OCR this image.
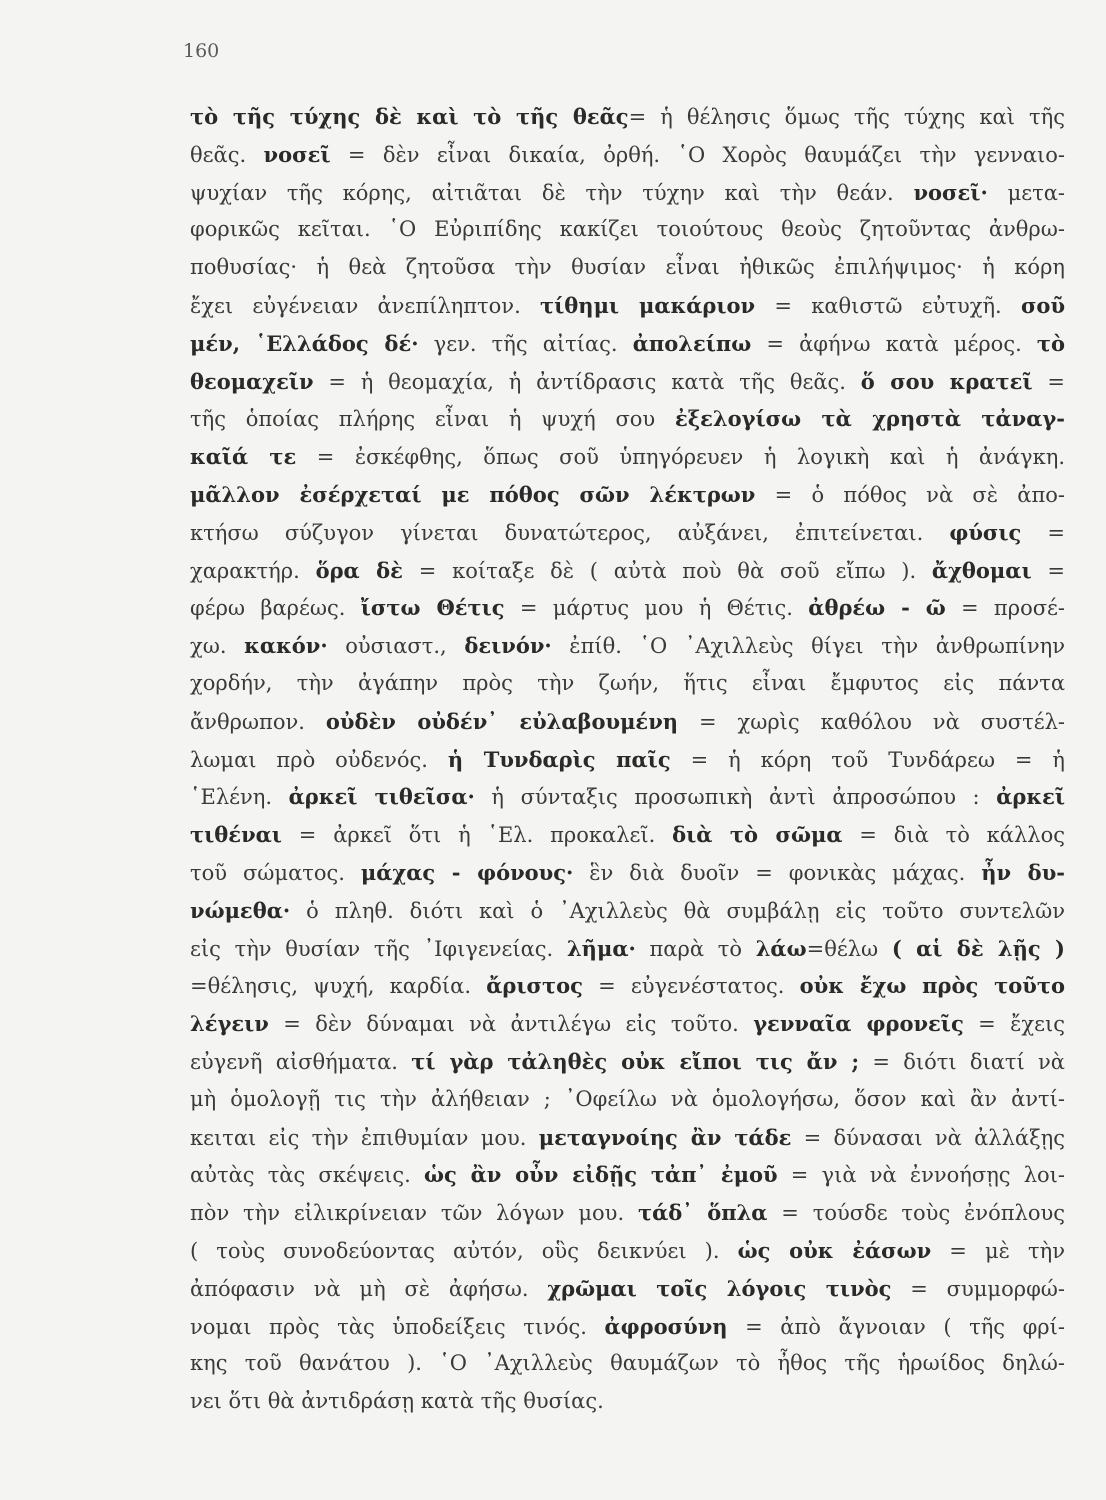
160
τὸ τῆς τύχης δὲ καὶ τὸ τῆς θεᾶς= ἡ θέλησις ὅμως τῆς τύχης καὶ τῆς
θεᾶς. νοσεῖ = δὲν εἶναι δικαία, ὀρθή. ῾Ο Χορὸς θαυμάζει τὴν γενναιο-
ψυχίαν τῆς κόρης, αἰτιᾶται δὲ τὴν τύχην καὶ τὴν θεάν. νοσεῖ· μετα-
φορικῶς κεῖται. ῾Ο Εὐριπίδης κακίζει τοιούτους θεοὺς ζητοῦντας ἀνθρω-
ποθυσίας· ἡ θεὰ ζητοῦσα τὴν θυσίαν εἶναι ἠθικῶς ἐπιλήψιμος· ἡ κόρη
ἔχει εὐγένειαν ἀνεπίληπτον. τίθημι μακάριον = καθιστῶ εὐτυχῆ. σοῦ
μέν, ῾Ελλάδος δέ· γεν. τῆς αἰτίας. ἀπολείπω = ἀφήνω κατὰ μέρος. τὸ
θεομαχεῖν = ἡ θεομαχία, ἡ ἀντίδρασις κατὰ τῆς θεᾶς. ὅ σου κρατεῖ =
τῆς ὁποίας πλήρης εἶναι ἡ ψυχή σου ἐξελογίσω τὰ χρηστὰ τἀναγ-
καῖά τε = ἐσκέφθης, ὅπως σοῦ ὑπηγόρευεν ἡ λογικὴ καὶ ἡ ἀνάγκη.
μᾶλλον ἐσέρχεταί με πόθος σῶν λέκτρων = ὁ πόθος νὰ σὲ ἀπο-
κτήσω σύζυγον γίνεται δυνατώτερος, αὐξάνει, ἐπιτείνεται. φύσις =
χαρακτήρ. ὅρα δὲ = κοίταξε δὲ ( αὐτὰ ποὺ θὰ σοῦ εἴπω ). ἄχθομαι =
φέρω βαρέως. ἴστω Θέτις = μάρτυς μου ἡ Θέτις. ἀθρέω - ῶ = προσέ-
χω. κακόν· οὐσιαστ., δεινόν· ἐπίθ. ῾Ο ᾿Αχιλλεὺς θίγει τὴν ἀνθρωπίνην
χορδήν, τὴν ἀγάπην πρὸς τὴν ζωήν, ἥτις εἶναι ἔμφυτος εἰς πάντα
ἄνθρωπον. οὐδὲν οὐδέν᾿ εὐλαβουμένη = χωρὶς καθόλου νὰ συστέλ-
λωμαι πρὸ οὐδενός. ἡ Τυνδαρὶς παῖς = ἡ κόρη τοῦ Τυνδάρεω = ἡ
῾Ελένη. ἀρκεῖ τιθεῖσα· ἡ σύνταξις προσωπικὴ ἀντὶ ἀπροσώπου : ἀρκεῖ
τιθέναι = ἀρκεῖ ὅτι ἡ ῾Ελ. προκαλεῖ. διὰ τὸ σῶμα = διὰ τὸ κάλλος
τοῦ σώματος. μάχας - φόνους· ἓν διὰ δυοῖν = φονικὰς μάχας. ἦν δυ-
νώμεθα· ὁ πληθ. διότι καὶ ὁ ᾿Αχιλλεὺς θὰ συμβάλῃ εἰς τοῦτο συντελῶν
εἰς τὴν θυσίαν τῆς ᾿Ιφιγενείας. λῆμα· παρὰ τὸ λάω=θέλω ( αἱ δὲ λῇς )
=θέλησις, ψυχή, καρδία. ἄριστος = εὐγενέστατος. οὐκ ἔχω πρὸς τοῦτο
λέγειν = δὲν δύναμαι νὰ ἀντιλέγω εἰς τοῦτο. γενναῖα φρονεῖς = ἔχεις
εὐγενῆ αἰσθήματα. τί γὰρ τἀληθὲς οὐκ εἴποι τις ἄν ; = διότι διατί νὰ
μὴ ὁμολογῇ τις τὴν ἀλήθειαν ; ᾿Οφείλω νὰ ὁμολογήσω, ὅσον καὶ ἂν ἀντί-
κειται εἰς τὴν ἐπιθυμίαν μου. μεταγνοίης ἂν τάδε = δύνασαι νὰ ἀλλάξῃς
αὐτὰς τὰς σκέψεις. ὡς ἂν οὖν εἰδῇς τἀπ᾿ ἐμοῦ = γιὰ νὰ ἐννοήσῃς λοι-
πὸν τὴν εἰλικρίνειαν τῶν λόγων μου. τάδ᾿ ὅπλα = τούσδε τοὺς ἐνόπλους
( τοὺς συνοδεύοντας αὐτόν, οὓς δεικνύει ). ὡς οὐκ ἐάσων = μὲ τὴν
ἀπόφασιν νὰ μὴ σὲ ἀφήσω. χρῶμαι τοῖς λόγοις τινὸς = συμμορφώ-
νομαι πρὸς τὰς ὑποδείξεις τινός. ἀφροσύνη = ἀπὸ ἄγνοιαν ( τῆς φρί-
κης τοῦ θανάτου ). ῾Ο ᾿Αχιλλεὺς θαυμάζων τὸ ἦθος τῆς ἡρωίδος δηλώ-
νει ὅτι θὰ ἀντιδράσῃ κατὰ τῆς θυσίας.
